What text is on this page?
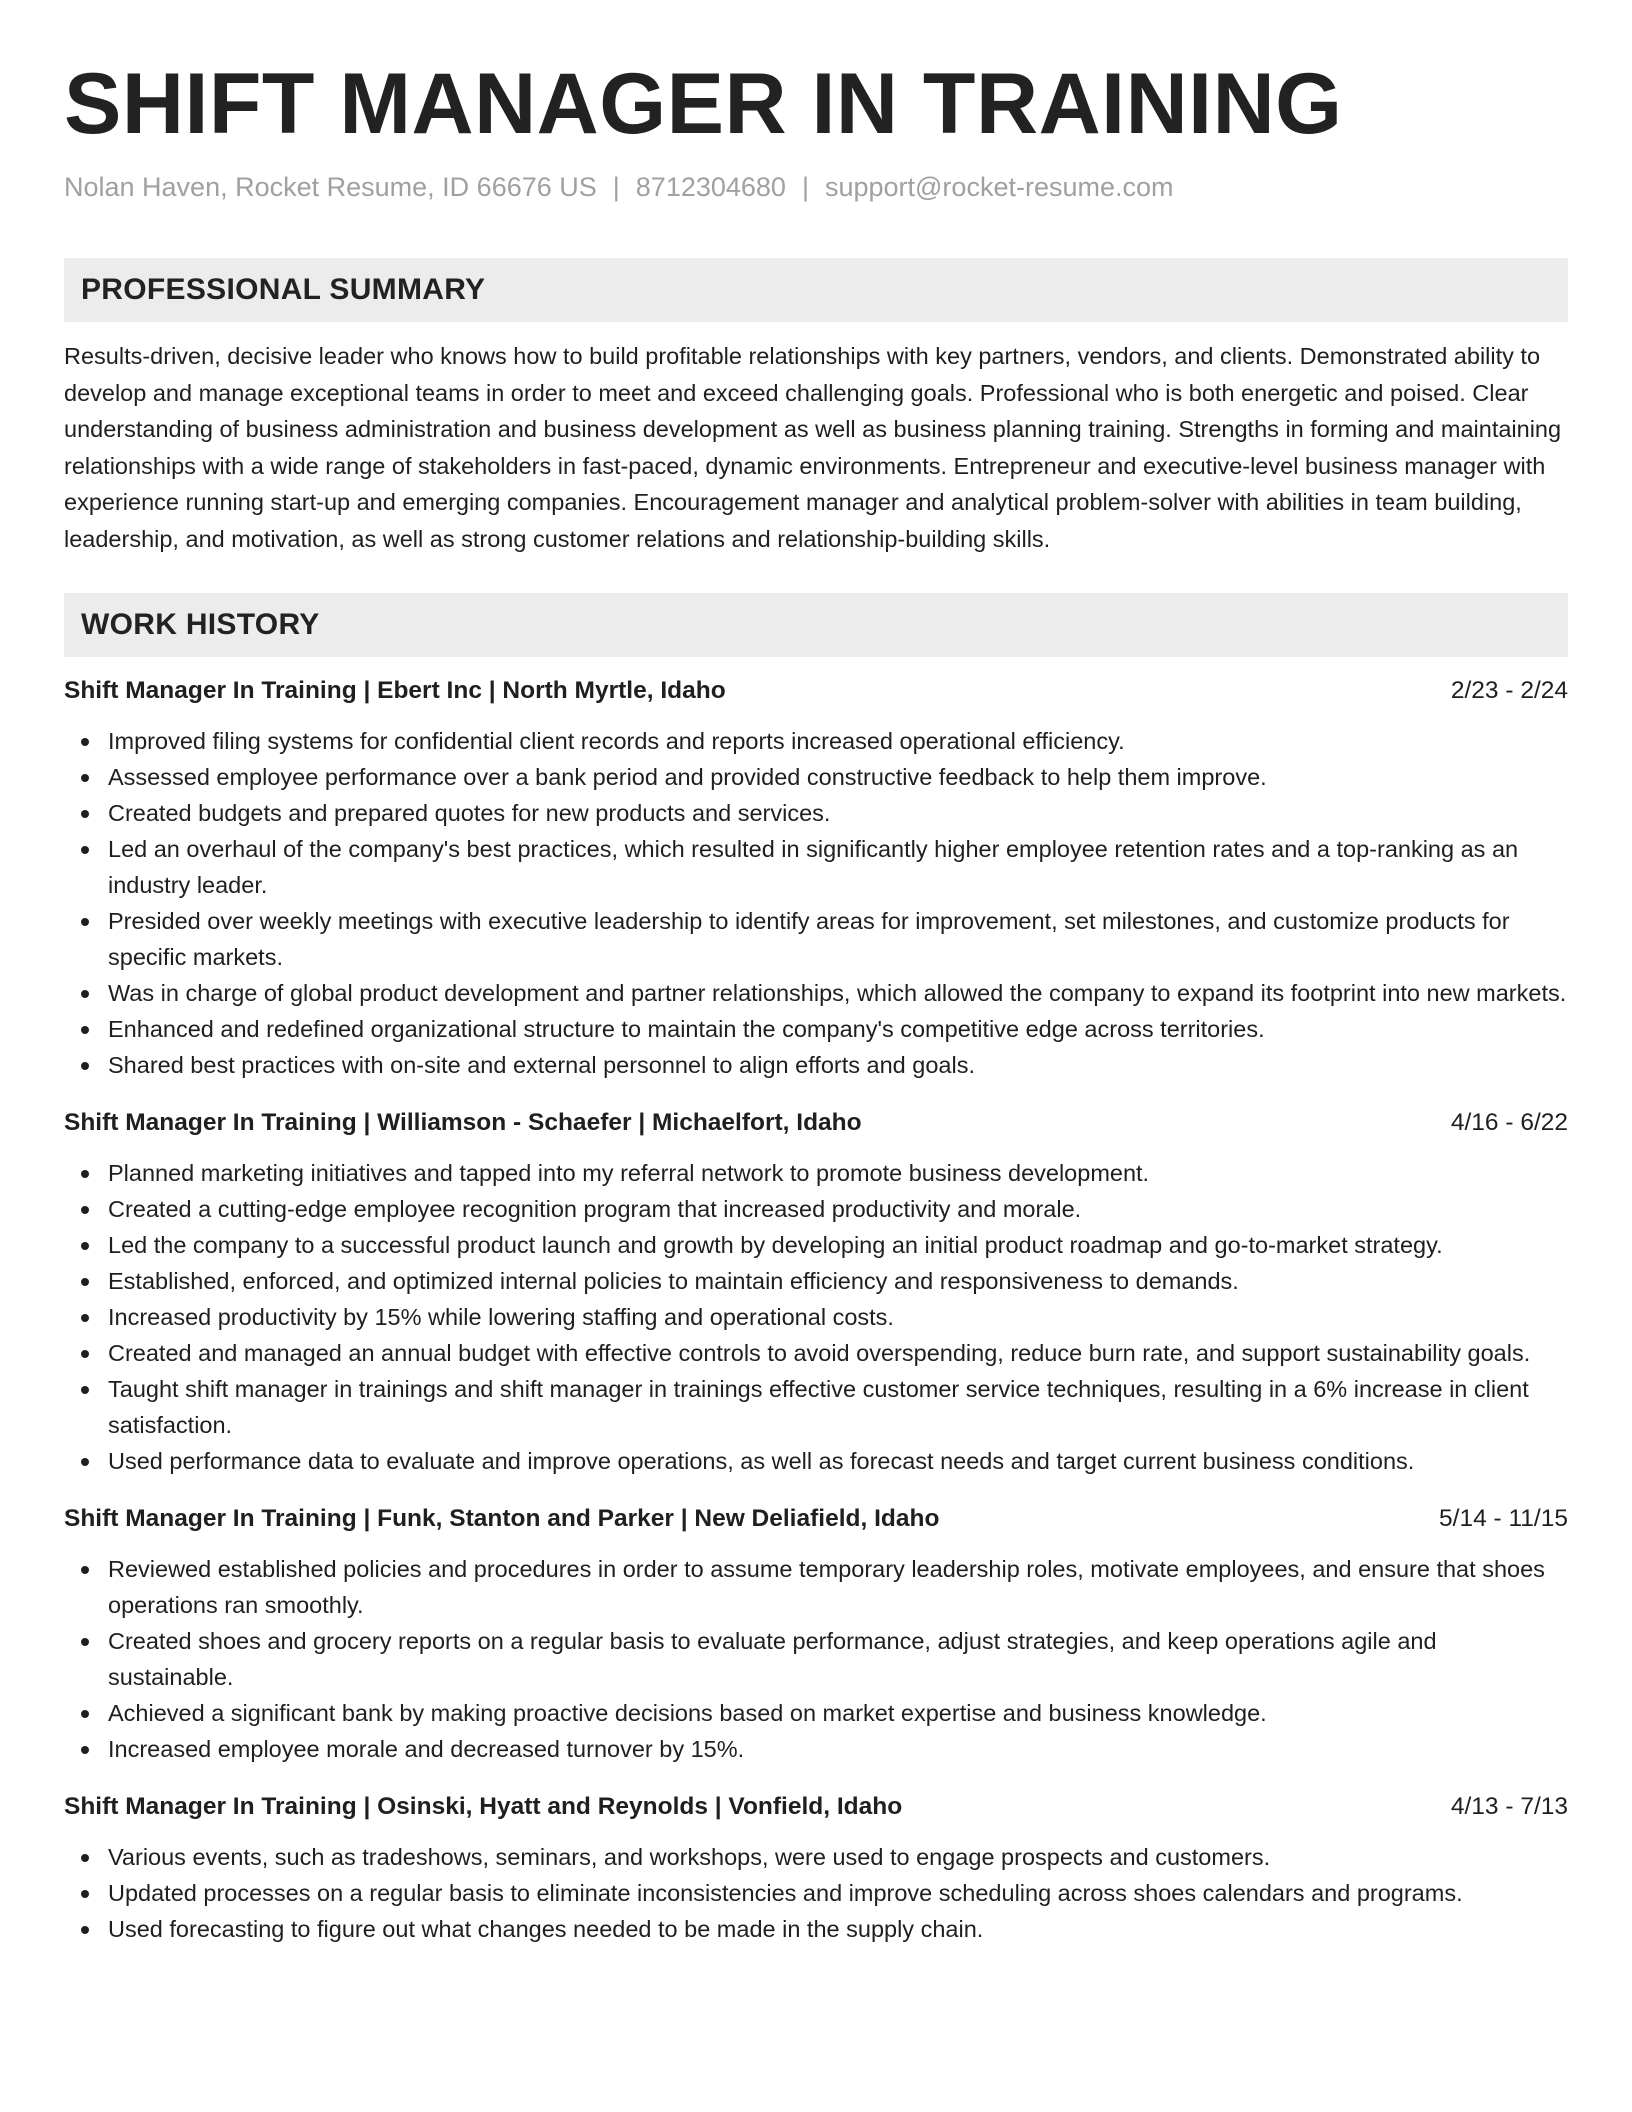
SHIFT MANAGER IN TRAINING
Nolan Haven, Rocket Resume, ID 66676 US | 8712304680 | support@rocket-resume.com
PROFESSIONAL SUMMARY
Results-driven, decisive leader who knows how to build profitable relationships with key partners, vendors, and clients. Demonstrated ability to develop and manage exceptional teams in order to meet and exceed challenging goals. Professional who is both energetic and poised. Clear understanding of business administration and business development as well as business planning training. Strengths in forming and maintaining relationships with a wide range of stakeholders in fast-paced, dynamic environments. Entrepreneur and executive-level business manager with experience running start-up and emerging companies. Encouragement manager and analytical problem-solver with abilities in team building, leadership, and motivation, as well as strong customer relations and relationship-building skills.
WORK HISTORY
Shift Manager In Training | Ebert Inc | North Myrtle, Idaho	2/23 - 2/24
Improved filing systems for confidential client records and reports increased operational efficiency.
Assessed employee performance over a bank period and provided constructive feedback to help them improve.
Created budgets and prepared quotes for new products and services.
Led an overhaul of the company's best practices, which resulted in significantly higher employee retention rates and a top-ranking as an industry leader.
Presided over weekly meetings with executive leadership to identify areas for improvement, set milestones, and customize products for specific markets.
Was in charge of global product development and partner relationships, which allowed the company to expand its footprint into new markets.
Enhanced and redefined organizational structure to maintain the company's competitive edge across territories.
Shared best practices with on-site and external personnel to align efforts and goals.
Shift Manager In Training | Williamson - Schaefer | Michaelfort, Idaho	4/16 - 6/22
Planned marketing initiatives and tapped into my referral network to promote business development.
Created a cutting-edge employee recognition program that increased productivity and morale.
Led the company to a successful product launch and growth by developing an initial product roadmap and go-to-market strategy.
Established, enforced, and optimized internal policies to maintain efficiency and responsiveness to demands.
Increased productivity by 15% while lowering staffing and operational costs.
Created and managed an annual budget with effective controls to avoid overspending, reduce burn rate, and support sustainability goals.
Taught shift manager in trainings and shift manager in trainings effective customer service techniques, resulting in a 6% increase in client satisfaction.
Used performance data to evaluate and improve operations, as well as forecast needs and target current business conditions.
Shift Manager In Training | Funk, Stanton and Parker | New Deliafield, Idaho	5/14 - 11/15
Reviewed established policies and procedures in order to assume temporary leadership roles, motivate employees, and ensure that shoes operations ran smoothly.
Created shoes and grocery reports on a regular basis to evaluate performance, adjust strategies, and keep operations agile and sustainable.
Achieved a significant bank by making proactive decisions based on market expertise and business knowledge.
Increased employee morale and decreased turnover by 15%.
Shift Manager In Training | Osinski, Hyatt and Reynolds | Vonfield, Idaho	4/13 - 7/13
Various events, such as tradeshows, seminars, and workshops, were used to engage prospects and customers.
Updated processes on a regular basis to eliminate inconsistencies and improve scheduling across shoes calendars and programs.
Used forecasting to figure out what changes needed to be made in the supply chain.
